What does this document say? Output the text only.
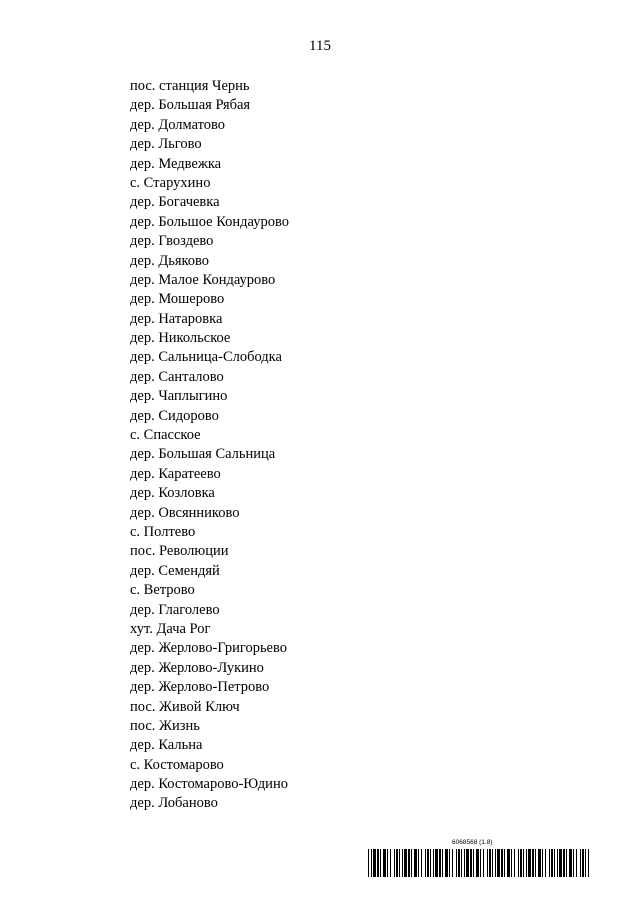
115
пос. станция Чернь
дер. Большая Рябая
дер. Долматово
дер. Льгово
дер. Медвежка
с. Старухино
дер. Богачевка
дер. Большое Кондаурово
дер. Гвоздево
дер. Дьяково
дер. Малое Кондаурово
дер. Мошерово
дер. Натаровка
дер. Никольское
дер. Сальница-Слободка
дер. Санталово
дер. Чаплыгино
дер. Сидорово
с. Спасское
дер. Большая Сальница
дер. Каратеево
дер. Козловка
дер. Овсянниково
с. Полтево
пос. Революции
дер. Семендяй
с. Ветрово
дер. Глаголево
хут. Дача Рог
дер. Жерлово-Григорьево
дер. Жерлово-Лукино
дер. Жерлово-Петрово
пос. Живой Ключ
пос. Жизнь
дер. Кальна
с. Костомарово
дер. Костомарово-Юдино
дер. Лобаново
6068568 (1.8)
